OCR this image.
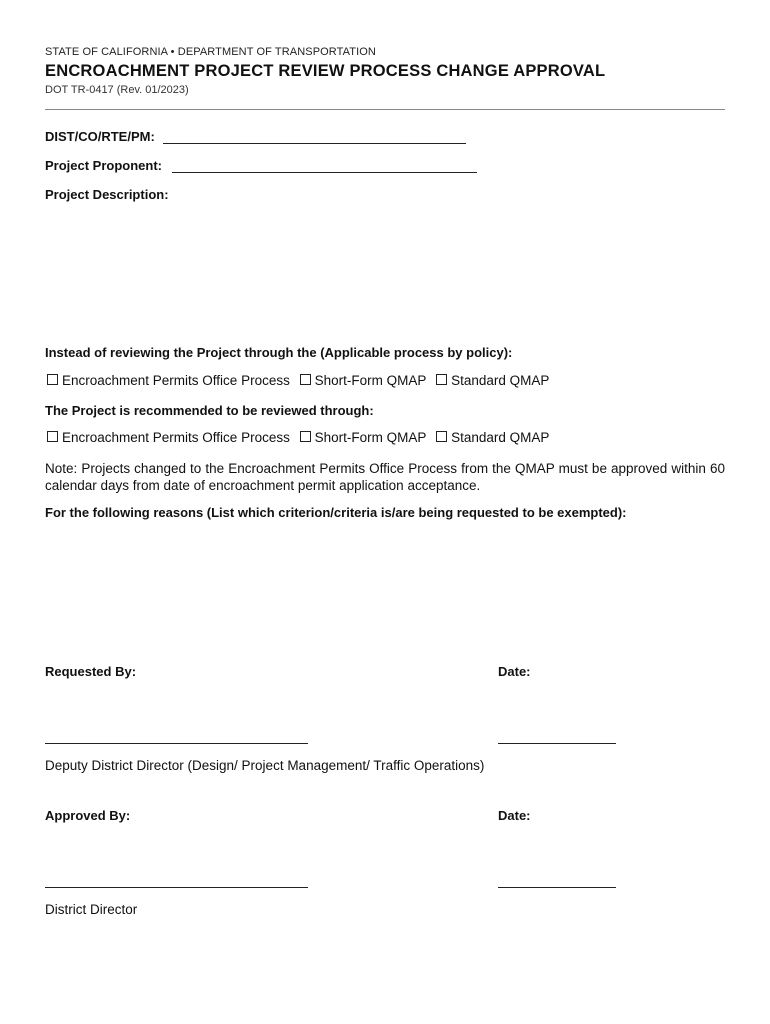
STATE OF CALIFORNIA • DEPARTMENT OF TRANSPORTATION
ENCROACHMENT PROJECT REVIEW PROCESS CHANGE APPROVAL
DOT TR-0417 (Rev. 01/2023)
DIST/CO/RTE/PM:
Project Proponent:
Project Description:
Instead of reviewing the Project through the (Applicable process by policy):
Encroachment Permits Office Process Short-Form QMAP Standard QMAP
The Project is recommended to be reviewed through:
Encroachment Permits Office Process Short-Form QMAP Standard QMAP
Note: Projects changed to the Encroachment Permits Office Process from the QMAP must be approved within 60 calendar days from date of encroachment permit application acceptance.
For the following reasons (List which criterion/criteria is/are being requested to be exempted):
Requested By:	Date:
Deputy District Director (Design/ Project Management/ Traffic Operations)
Approved By:	Date:
District Director
